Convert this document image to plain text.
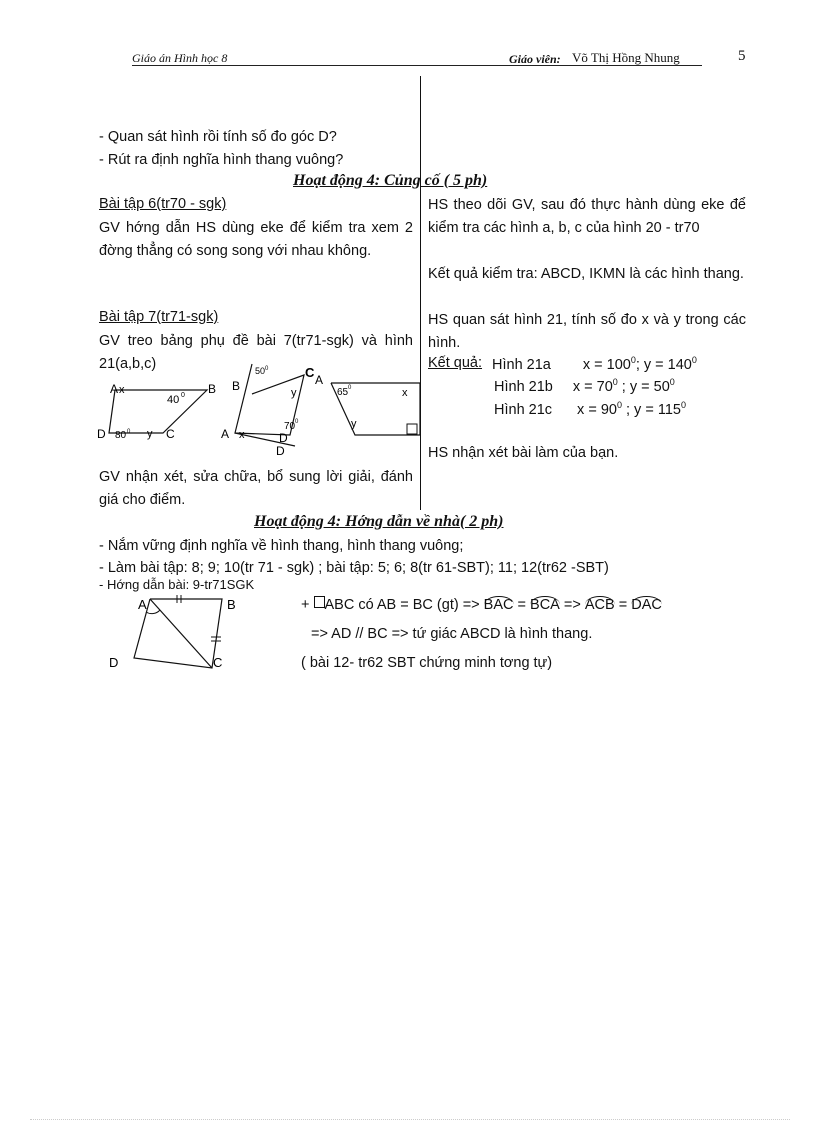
Giáo án Hình học 8	Giáo viên: Võ Thị Hồng Nhung	5
- Quan sát hình rồi tính số đo góc D?
- Rút ra định nghĩa hình thang vuông?
Hoạt động 4: Củng cố ( 5 ph)
Bài tập 6(tr70 - sgk)
GV hớng dẫn HS dùng eke để kiểm tra xem 2 đờng thẳng có song song với nhau không.
Bài tập 7(tr71-sgk)
GV treo bảng phụ đề bài 7(tr71-sgk) và hình 21(a,b,c)
A x	B
40 0
D 80 0 y C
B
50 0	C
y
A x
70 0
D
D
A
65 0	x
y
GV nhận xét, sửa chữa, bổ sung lời giải, đánh giá cho điểm.
HS theo dõi GV, sau đó thực hành dùng eke để kiểm tra các hình a, b, c của hình 20 - tr70
Kết quả kiểm tra: ABCD, IKMN là các hình thang.
HS quan sát hình 21, tính số đo x và y trong các hình.
Kết quả: Hình 21a $x = 100^0$; $y = 140^0$
Hình 21b $x = 70^0$ ; $y = 50^0$
Hình 21c $x = 90^0$ ; $y = 115^0$
HS nhận xét bài làm của bạn.
Hoạt động 4: Hớng dẫn về nhà( 2 ph)
- Nắm vững định nghĩa về hình thang, hình thang vuông;
- Làm bài tập: 8; 9; 10(tr 71 - sgk) ; bài tập: 5; 6; 8(tr 61-SBT); 11; 12(tr62 -SBT)
- Hớng dẫn bài: 9-tr71SGK
A	B
D	C
+ ABC có AB = BC (gt) => BAC = BCA => ACB = DAC
=> AD // BC => tứ giác ABCD là hình thang.
( bài 12- tr62 SBT chứng minh tơng tự)
